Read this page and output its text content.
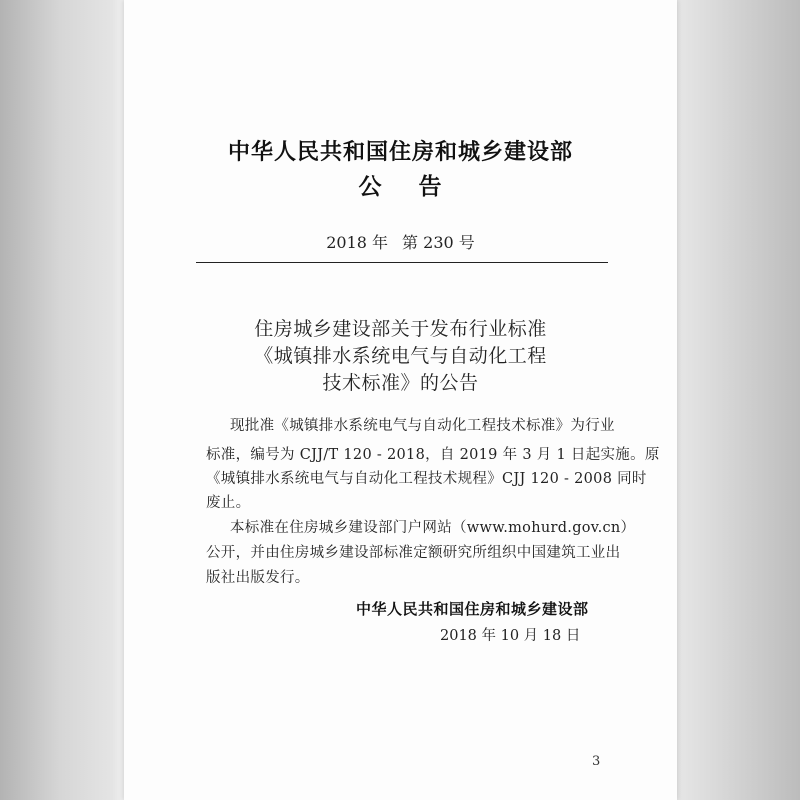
中华人民共和国住房和城乡建设部
公 告
2018 年 第 230 号
住房城乡建设部关于发布行业标准
《城镇排水系统电气与自动化工程
技术标准》的公告
现批准《城镇排水系统电气与自动化工程技术标准》为行业
标准，编号为 CJJ/T 120 - 2018，自 2019 年 3 月 1 日起实施。原
《城镇排水系统电气与自动化工程技术规程》CJJ 120 - 2008 同时
废止。
本标准在住房城乡建设部门户网站（www.mohurd.gov.cn）
公开，并由住房城乡建设部标准定额研究所组织中国建筑工业出
版社出版发行。
中华人民共和国住房和城乡建设部
2018 年 10 月 18 日
3
